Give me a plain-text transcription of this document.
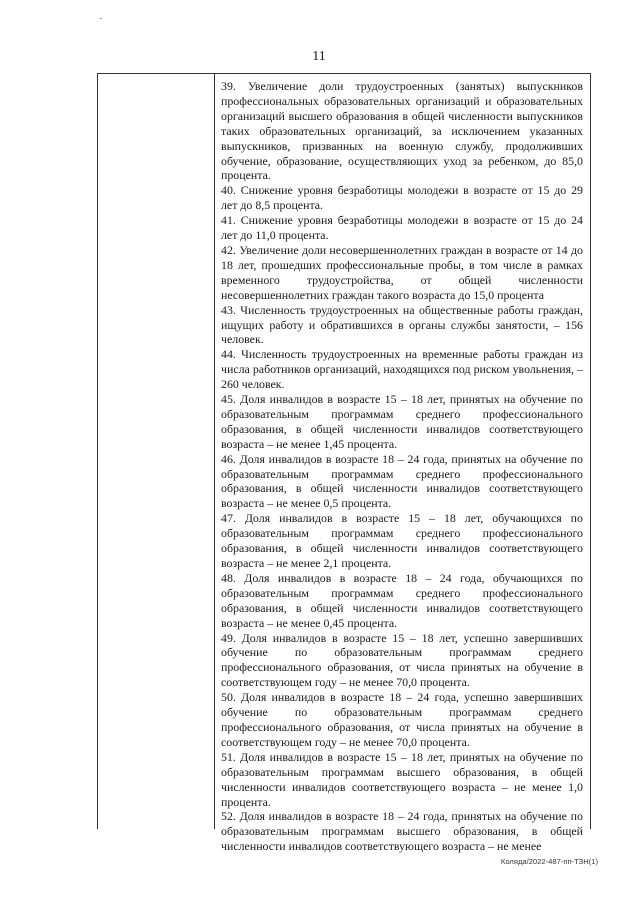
11

39. Увеличение доли трудоустроенных (занятых) выпускников профессиональных образовательных организаций и образовательных организаций высшего образования в общей численности выпускников таких образовательных организаций, за исключением указанных выпускников, призванных на военную службу, продолживших обучение, образование, осуществляющих уход за ребенком, до 85,0 процента.

40. Снижение уровня безработицы молодежи в возрасте от 15 до 29 лет до 8,5 процента.

41. Снижение уровня безработицы молодежи в возрасте от 15 до 24 лет до 11,0 процента.

42. Увеличение доли несовершеннолетних граждан в возрасте от 14 до 18 лет, прошедших профессиональные пробы, в том числе в рамках временного трудоустройства, от общей численности несовершеннолетних граждан такого возраста до 15,0 процента

43. Численность трудоустроенных на общественные работы граждан, ищущих работу и обратившихся в органы службы занятости, – 156 человек.

44. Численность трудоустроенных на временные работы граждан из числа работников организаций, находящихся под риском увольнения, – 260 человек.

45. Доля инвалидов в возрасте 15 – 18 лет, принятых на обучение по образовательным программам среднего профессионального образования, в общей численности инвалидов соответствующего возраста – не менее 1,45 процента.

46. Доля инвалидов в возрасте 18 – 24 года, принятых на обучение по образовательным программам среднего профессионального образования, в общей численности инвалидов соответствующего возраста – не менее 0,5 процента.

47. Доля инвалидов в возрасте 15 – 18 лет, обучающихся по образовательным программам среднего профессионального образования, в общей численности инвалидов соответствующего возраста – не менее 2,1 процента.

48. Доля инвалидов в возрасте 18 – 24 года, обучающихся по образовательным программам среднего профессионального образования, в общей численности инвалидов соответствующего возраста – не менее 0,45 процента.

49. Доля инвалидов в возрасте 15 – 18 лет, успешно завершивших обучение по образовательным программам среднего профессионального образования, от числа принятых на обучение в соответствующем году – не менее 70,0 процента.

50. Доля инвалидов в возрасте 18 – 24 года, успешно завершивших обучение по образовательным программам среднего профессионального образования, от числа принятых на обучение в соответствующем году – не менее 70,0 процента.

51. Доля инвалидов в возрасте 15 – 18 лет, принятых на обучение по образовательным программам высшего образования, в общей численности инвалидов соответствующего возраста – не менее 1,0 процента.

52. Доля инвалидов в возрасте 18 – 24 года, принятых на обучение по образовательным программам высшего образования, в общей численности инвалидов соответствующего возраста – не менее

Коляда/2022-487-пп-ТЗН(1)
